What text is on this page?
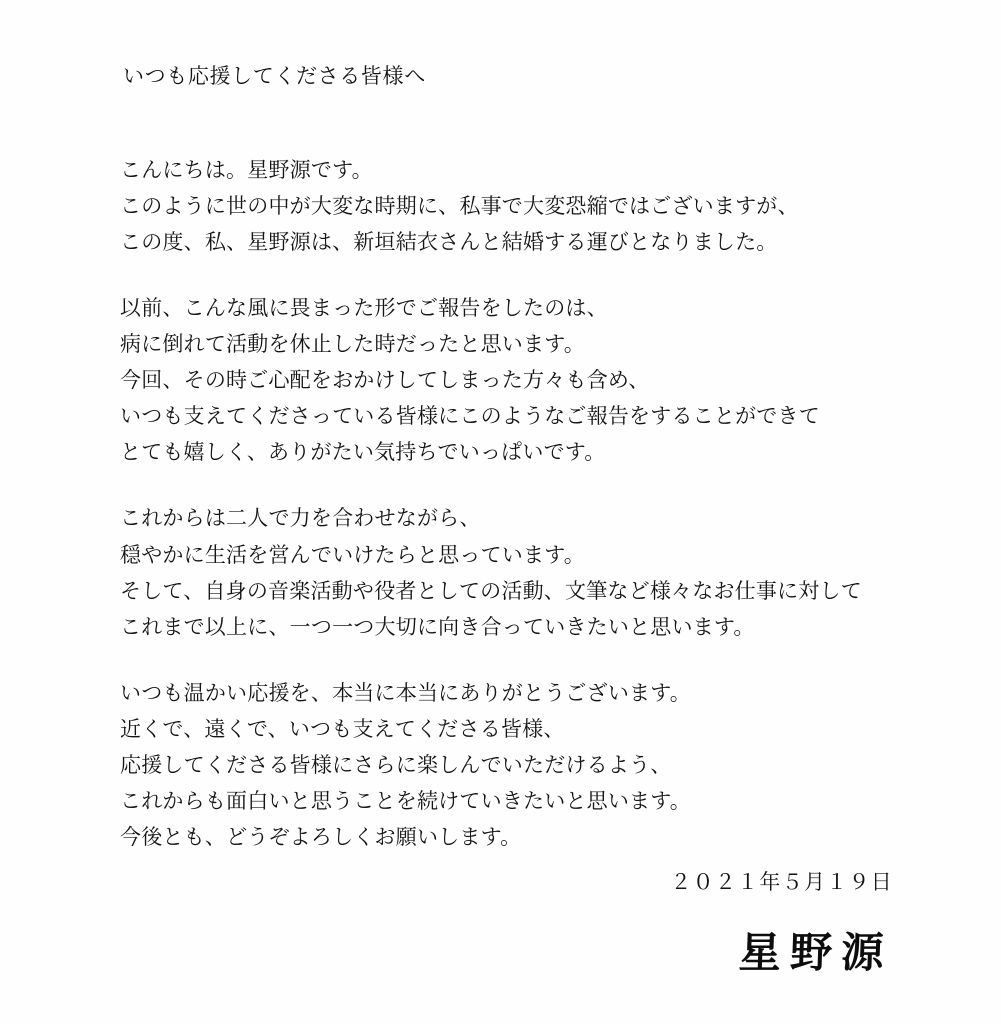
いつも応援してくださる皆様へ

こんにちは。星野源です。
このように世の中が大変な時期に、私事で大変恐縮ではございますが、
この度、私、星野源は、新垣結衣さんと結婚する運びとなりました。
以前、こんな風に畏まった形でご報告をしたのは、
病に倒れて活動を休止した時だったと思います。
今回、その時ご心配をおかけしてしまった方々も含め、
いつも支えてくださっている皆様にこのようなご報告をすることができて
とても嬉しく、ありがたい気持ちでいっぱいです。
これからは二人で力を合わせながら、
穏やかに生活を営んでいけたらと思っています。
そして、自身の音楽活動や役者としての活動、文筆など様々なお仕事に対して
これまで以上に、一つ一つ大切に向き合っていきたいと思います。
いつも温かい応援を、本当に本当にありがとうございます。
近くで、遠くで、いつも支えてくださる皆様、
応援してくださる皆様にさらに楽しんでいただけるよう、
これからも面白いと思うことを続けていきたいと思います。
今後とも、どうぞよろしくお願いします。
２０２１年５月１９日
星野源
